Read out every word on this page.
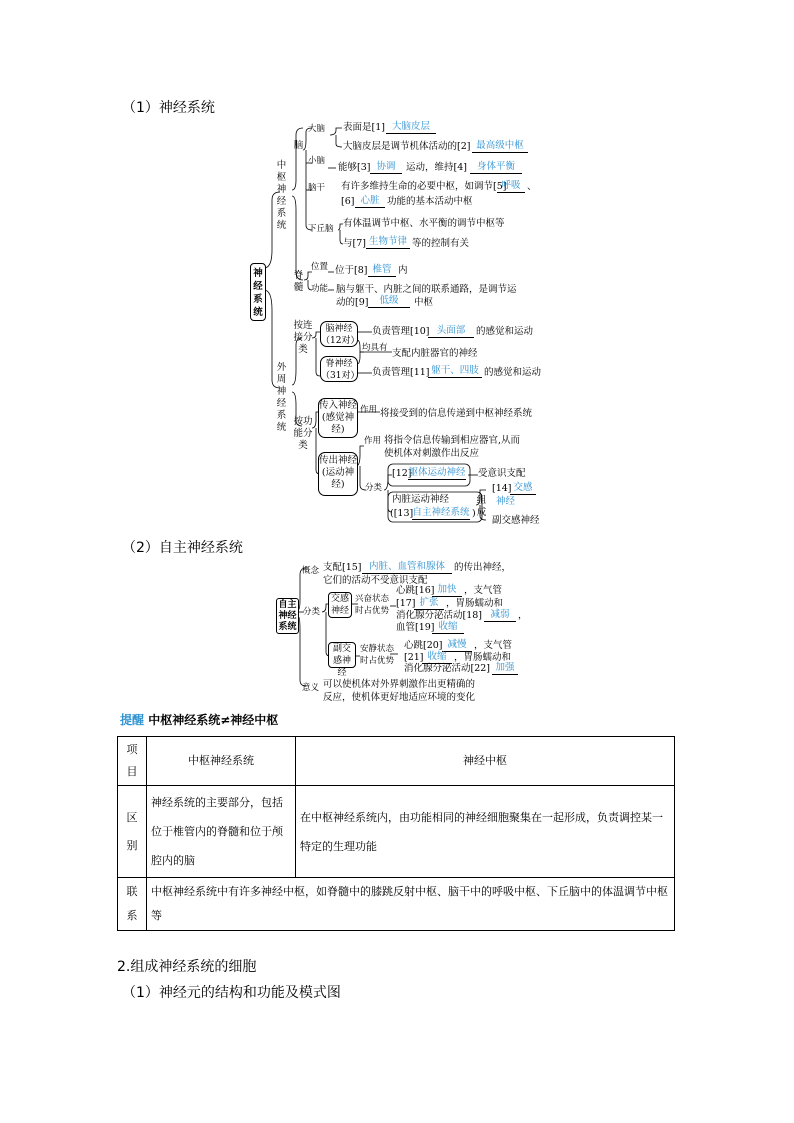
（1）神经系统
神经系统
中枢神经系统
外周神经系统
脑
脊髓
大脑
小脑
脑干
下丘脑
表面是[1] 大脑皮层
大脑皮层是调节机体活动的[2] 最高级中枢
能够[3] 协调	运动，维持[4]	身体平衡
有许多维持生命的必要中枢，如调节[5]
呼吸 、
[6] 心脏 功能的基本活动中枢
有体温调节中枢、水平衡的调节中枢等
与[7] 生物节律 等的控制有关
位置 位于[8] 椎管 内
功能 脑与躯干、内脏之间的联系通路，是调节运
动的[9]	低级	中枢
按连接分类
脑神经（12对）
负责管理[10] 头面部	的感觉和运动
均具有 支配内脏器官的神经
脊神经（31对） 负责管理[11] 躯干、四肢 的感觉和运动
按功能分类
传入神经(感觉神经)
作用 将接受到的信息传递到中枢神经系统
传出神经(运动神经)
作用 将指令信息传输到相应器官,从而
使机体对刺激作出反应
分类
[12]
躯体运动神经 受意识支配
内脏运动神经
([13] 自主神经系统 )
组成
[14] 交感
神经
副交感神经
（2）自主神经系统
自主神经系统
概念 支配[15] 内脏、血管和腺体 的传出神经，
它们的活动不受意识支配
分类
交感神经
兴奋状态
时占优势
心跳[16] 加快 ，支气管
[17] 扩张 ，胃肠蠕动和
消化腺分泌活动[18] 减弱 ，
血管[19] 收缩
副交感神经
安静状态
时占优势
心跳[20] 减慢 ，支气管
[21] 收缩 ，胃肠蠕动和
消化腺分泌活动[22] 加强
意义 可以使机体对外界刺激作出更精确的
反应，使机体更好地适应环境的变化
提醒 中枢神经系统≠神经中枢
项目	中枢神经系统	神经中枢
区别	神经系统的主要部分，包括位于椎管内的脊髓和位于颅腔内的脑	在中枢神经系统内，由功能相同的神经细胞聚集在一起形成，负责调控某一特定的生理功能
联系	中枢神经系统中有许多神经中枢，如脊髓中的膝跳反射中枢、脑干中的呼吸中枢、下丘脑中的体温调节中枢等	
2.组成神经系统的细胞
（1）神经元的结构和功能及模式图
